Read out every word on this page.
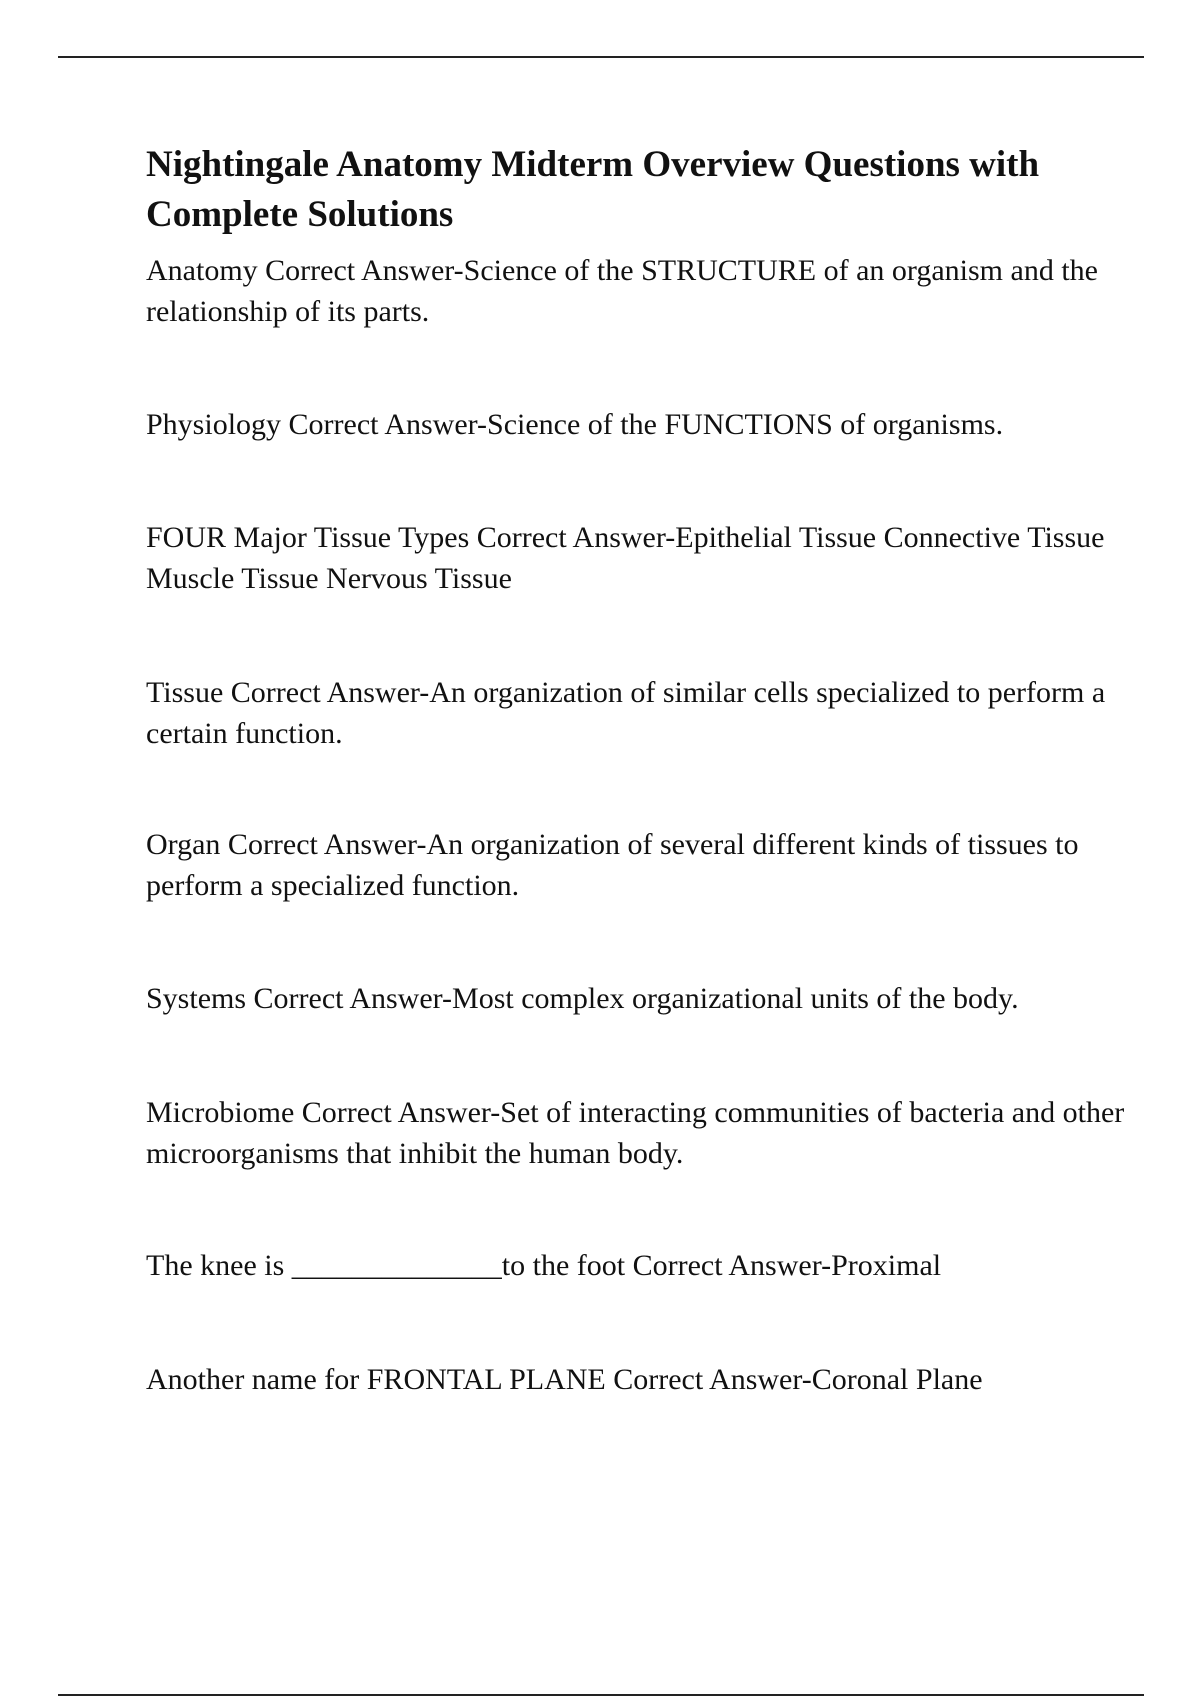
Nightingale Anatomy Midterm Overview Questions with Complete Solutions

Anatomy Correct Answer-Science of the STRUCTURE of an organism and the relationship of its parts.

Physiology Correct Answer-Science of the FUNCTIONS of organisms.

FOUR Major Tissue Types Correct Answer-Epithelial Tissue Connective Tissue Muscle Tissue Nervous Tissue

Tissue Correct Answer-An organization of similar cells specialized to perform a certain function.

Organ Correct Answer-An organization of several different kinds of tissues to perform a specialized function.

Systems Correct Answer-Most complex organizational units of the body.

Microbiome Correct Answer-Set of interacting communities of bacteria and other microorganisms that inhibit the human body.

The knee is ______________to the foot Correct Answer-Proximal

Another name for FRONTAL PLANE Correct Answer-Coronal Plane
